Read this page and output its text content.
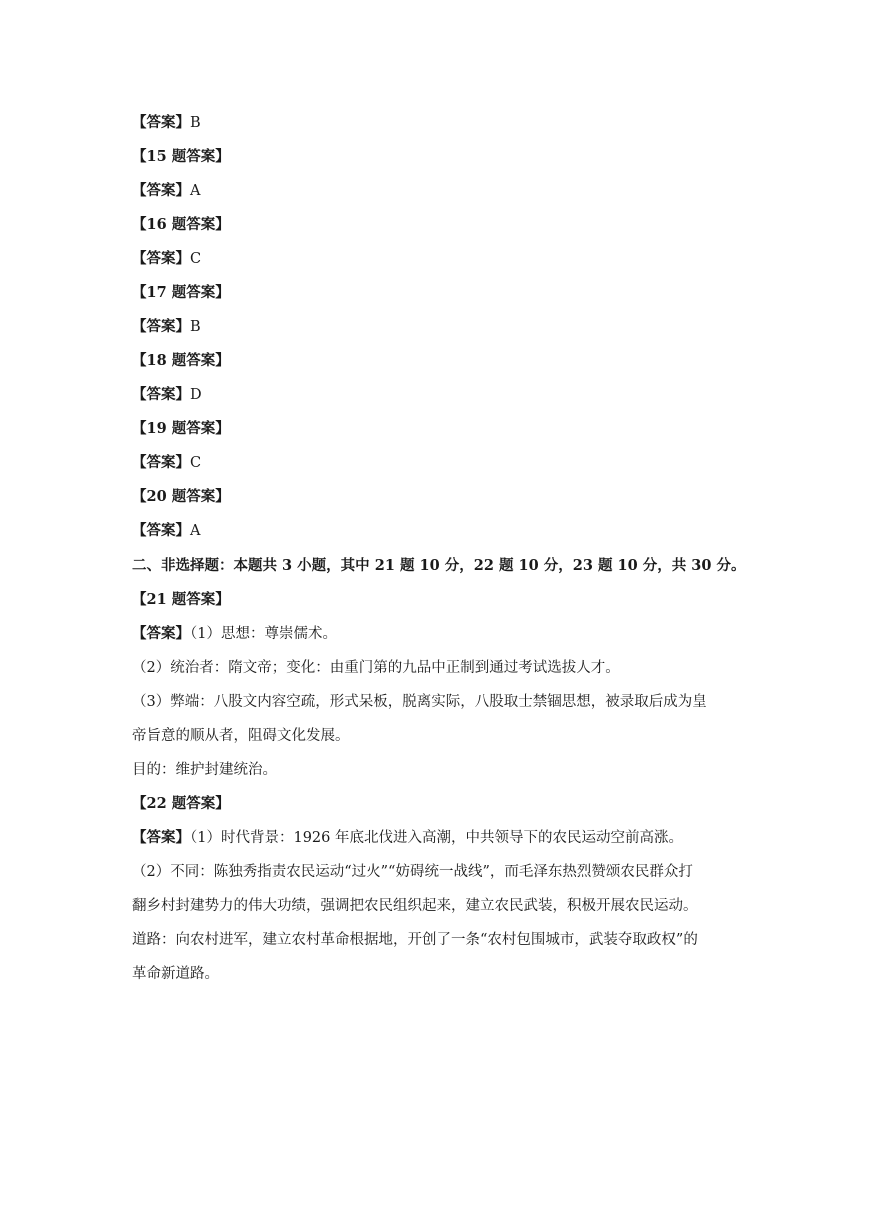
【答案】B
【15 题答案】
【答案】A
【16 题答案】
【答案】C
【17 题答案】
【答案】B
【18 题答案】
【答案】D
【19 题答案】
【答案】C
【20 题答案】
【答案】A
二、非选择题：本题共 3 小题，其中 21 题 10 分，22 题 10 分，23 题 10 分，共 30 分。
【21 题答案】
【答案】（1）思想：尊崇儒术。
（2）统治者：隋文帝；变化：由重门第的九品中正制到通过考试选拔人才。
（3）弊端：八股文内容空疏，形式呆板，脱离实际，八股取士禁锢思想，被录取后成为皇
帝旨意的顺从者，阻碍文化发展。
目的：维护封建统治。
【22 题答案】
【答案】（1）时代背景：1926 年底北伐进入高潮，中共领导下的农民运动空前高涨。
（2）不同：陈独秀指责农民运动“过火”“妨碍统一战线”，而毛泽东热烈赞颂农民群众打
翻乡村封建势力的伟大功绩，强调把农民组织起来，建立农民武装，积极开展农民运动。
道路：向农村进军，建立农村革命根据地，开创了一条“农村包围城市，武装夺取政权”的
革命新道路。
